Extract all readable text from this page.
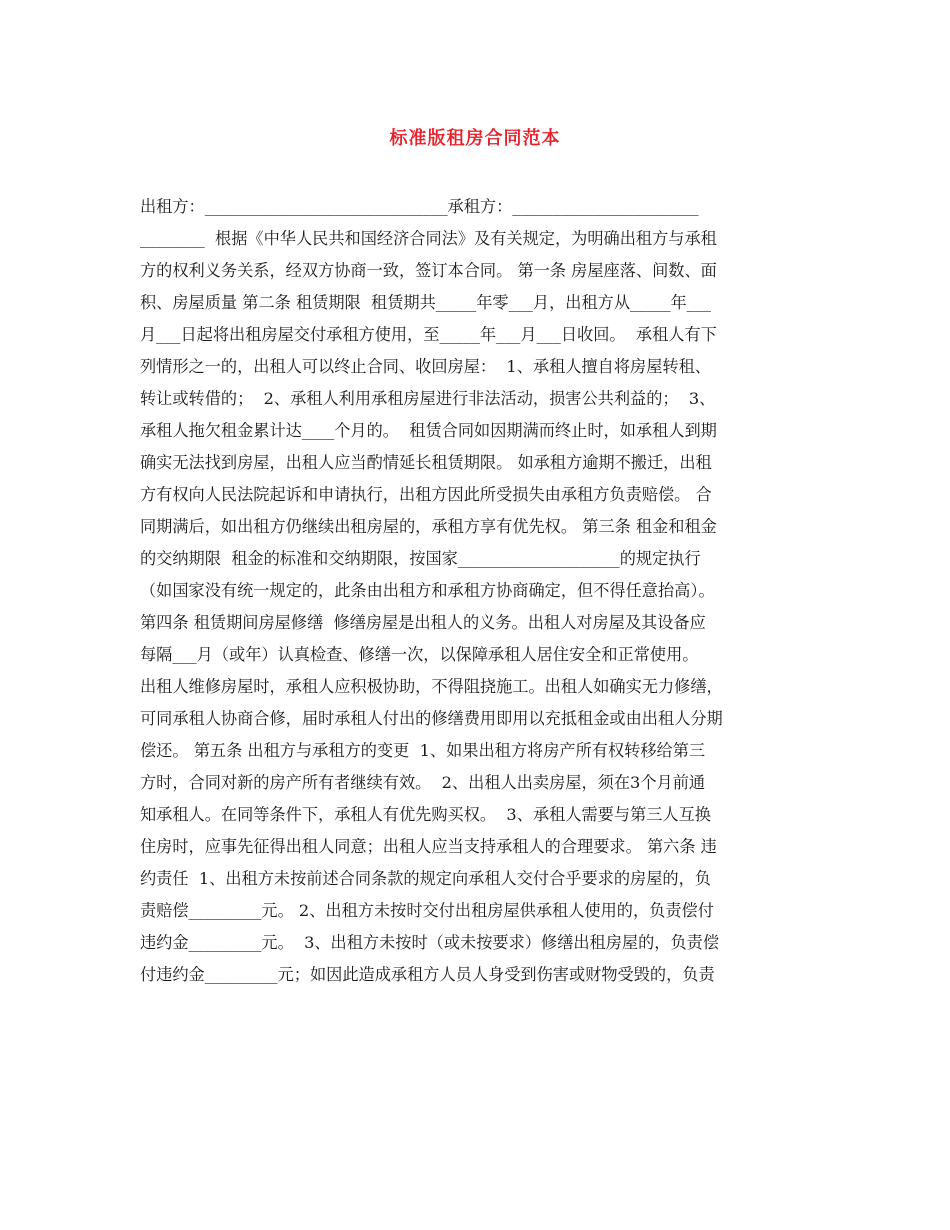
标准版租房合同范本
出租方：______________________________承租方：_______________________
________  根据《中华人民共和国经济合同法》及有关规定，为明确出租方与承租
方的权利义务关系，经双方协商一致，签订本合同。 第一条 房屋座落、间数、面
积、房屋质量 第二条 租赁期限  租赁期共_____年零___月，出租方从_____年___
月___日起将出租房屋交付承租方使用，至_____年___月___日收回。  承租人有下
列情形之一的，出租人可以终止合同、收回房屋：  1、承租人擅自将房屋转租、
转让或转借的；  2、承租人利用承租房屋进行非法活动，损害公共利益的；  3、
承租人拖欠租金累计达____个月的。  租赁合同如因期满而终止时，如承租人到期
确实无法找到房屋，出租人应当酌情延长租赁期限。 如承租方逾期不搬迁，出租
方有权向人民法院起诉和申请执行，出租方因此所受损失由承租方负责赔偿。 合
同期满后，如出租方仍继续出租房屋的，承租方享有优先权。 第三条 租金和租金
的交纳期限  租金的标准和交纳期限，按国家____________________的规定执行
（如国家没有统一规定的，此条由出租方和承租方协商确定，但不得任意抬高）。
第四条 租赁期间房屋修缮  修缮房屋是出租人的义务。出租人对房屋及其设备应
每隔___月（或年）认真检查、修缮一次，以保障承租人居住安全和正常使用。
出租人维修房屋时，承租人应积极协助，不得阻挠施工。出租人如确实无力修缮，
可同承租人协商合修，届时承租人付出的修缮费用即用以充抵租金或由出租人分期
偿还。 第五条 出租方与承租方的变更  1、如果出租方将房产所有权转移给第三
方时，合同对新的房产所有者继续有效。  2、出租人出卖房屋，须在3个月前通
知承租人。在同等条件下，承租人有优先购买权。  3、承租人需要与第三人互换
住房时，应事先征得出租人同意；出租人应当支持承租人的合理要求。 第六条 违
约责任  1、出租方未按前述合同条款的规定向承租人交付合乎要求的房屋的，负
责赔偿_________元。 2、出租方未按时交付出租房屋供承租人使用的，负责偿付
违约金_________元。  3、出租方未按时（或未按要求）修缮出租房屋的，负责偿
付违约金_________元；如因此造成承租方人员人身受到伤害或财物受毁的，负责
